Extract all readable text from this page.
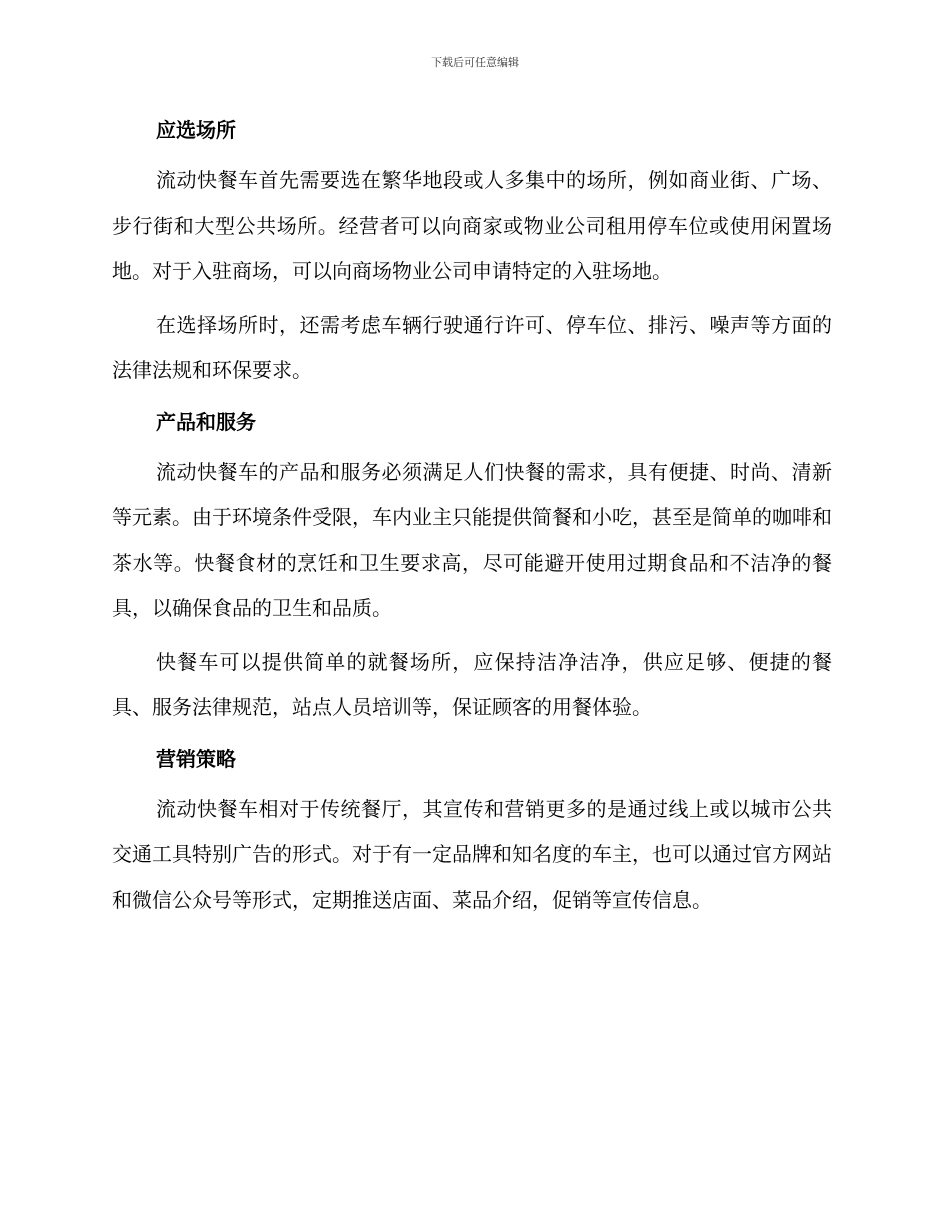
下载后可任意编辑
应选场所

流动快餐车首先需要选在繁华地段或人多集中的场所，例如商业街、广场、步行街和大型公共场所。经营者可以向商家或物业公司租用停车位或使用闲置场地。对于入驻商场，可以向商场物业公司申请特定的入驻场地。

在选择场所时，还需考虑车辆行驶通行许可、停车位、排污、噪声等方面的法律法规和环保要求。

产品和服务

流动快餐车的产品和服务必须满足人们快餐的需求，具有便捷、时尚、清新等元素。由于环境条件受限，车内业主只能提供简餐和小吃，甚至是简单的咖啡和茶水等。快餐食材的烹饪和卫生要求高，尽可能避开使用过期食品和不洁净的餐具，以确保食品的卫生和品质。

快餐车可以提供简单的就餐场所，应保持洁净洁净，供应足够、便捷的餐具、服务法律规范，站点人员培训等，保证顾客的用餐体验。

营销策略

流动快餐车相对于传统餐厅，其宣传和营销更多的是通过线上或以城市公共交通工具特别广告的形式。对于有一定品牌和知名度的车主，也可以通过官方网站和微信公众号等形式，定期推送店面、菜品介绍，促销等宣传信息。
